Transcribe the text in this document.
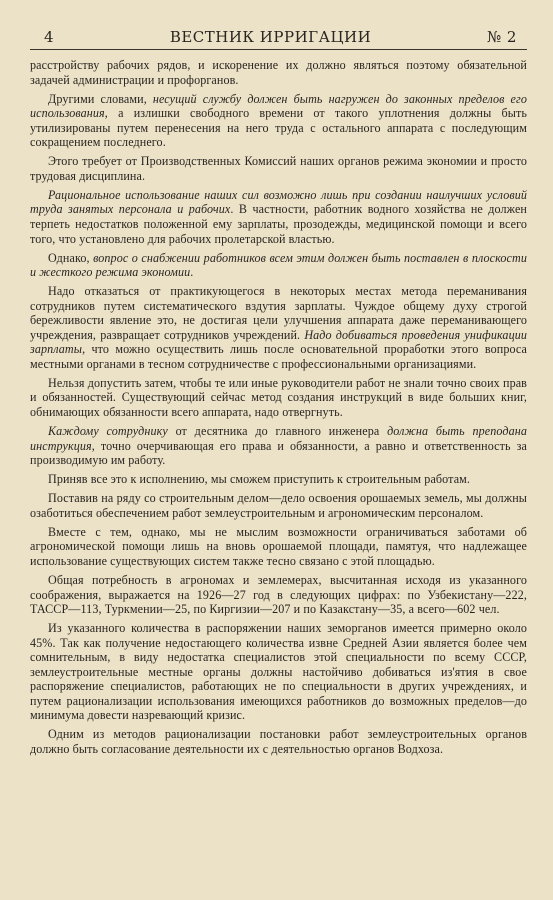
4	ВЕСТНИК ИРРИГАЦИИ	№ 2

расстройству рабочих рядов, и искоренение их должно являться поэтому обязательной задачей администрации и профорганов.

Другими словами, несущий службу должен быть нагружен до законных пределов его использования, а излишки свободного времени от такого уплотнения должны быть утилизированы путем перенесения на него труда с остального аппарата с последующим сокращением последнего.

Этого требует от Производственных Комиссий наших органов режима экономии и просто трудовая дисциплина.

Рациональное использование наших сил возможно лишь при создании наилучших условий труда занятых персонала и рабочих. В частности, работник водного хозяйства не должен терпеть недостатков положенной ему зарплаты, прозодежды, медицинской помощи и всего того, что установлено для рабочих пролетарской властью.

Однако, вопрос о снабжении работников всем этим должен быть поставлен в плоскости и жесткого режима экономии.

Надо отказаться от практикующегося в некоторых местах метода переманивания сотрудников путем систематического вздутия зарплаты. Чуждое общему духу строгой бережливости явление это, не достигая цели улучшения аппарата даже переманивающего учреждения, развращает сотрудников учреждений. Надо добиваться проведения унификации зарплаты, что можно осуществить лишь после основательной проработки этого вопроса местными органами в тесном сотрудничестве с профессиональными организациями.

Нельзя допустить затем, чтобы те или иные руководители работ не знали точно своих прав и обязанностей. Существующий сейчас метод создания инструкций в виде больших книг, обнимающих обязанности всего аппарата, надо отвергнуть.

Каждому сотруднику от десятника до главного инженера должна быть преподана инструкция, точно очерчивающая его права и обязанности, а равно и ответственность за производимую им работу.

Приняв все это к исполнению, мы сможем приступить к строительным работам.

Поставив на ряду со строительным делом—дело освоения орошаемых земель, мы должны озаботиться обеспечением работ землеустроительным и агрономическим персоналом.

Вместе с тем, однако, мы не мыслим возможности ограничиваться заботами об агрономической помощи лишь на вновь орошаемой площади, памятуя, что надлежащее использование существующих систем также тесно связано с этой площадью.

Общая потребность в агрономах и землемерах, высчитанная исходя из указанного соображения, выражается на 1926—27 год в следующих цифрах: по Узбекистану—222, ТАССР—113, Туркмении—25, по Киргизии—207 и по Казакстану—35, а всего—602 чел.

Из указанного количества в распоряжении наших земорганов имеется примерно около 45%. Так как получение недостающего количества извне Средней Азии является более чем сомнительным, в виду недостатка специалистов этой специальности по всему СССР, землеустроительные местные органы должны настойчиво добиваться из'ятия в свое распоряжение специалистов, работающих не по специальности в других учреждениях, и путем рационализации использования имеющихся работников до возможных пределов—до минимума довести назревающий кризис.

Одним из методов рационализации постановки работ землеустроительных органов должно быть согласование деятельности их с деятельностью органов Водхоза.
